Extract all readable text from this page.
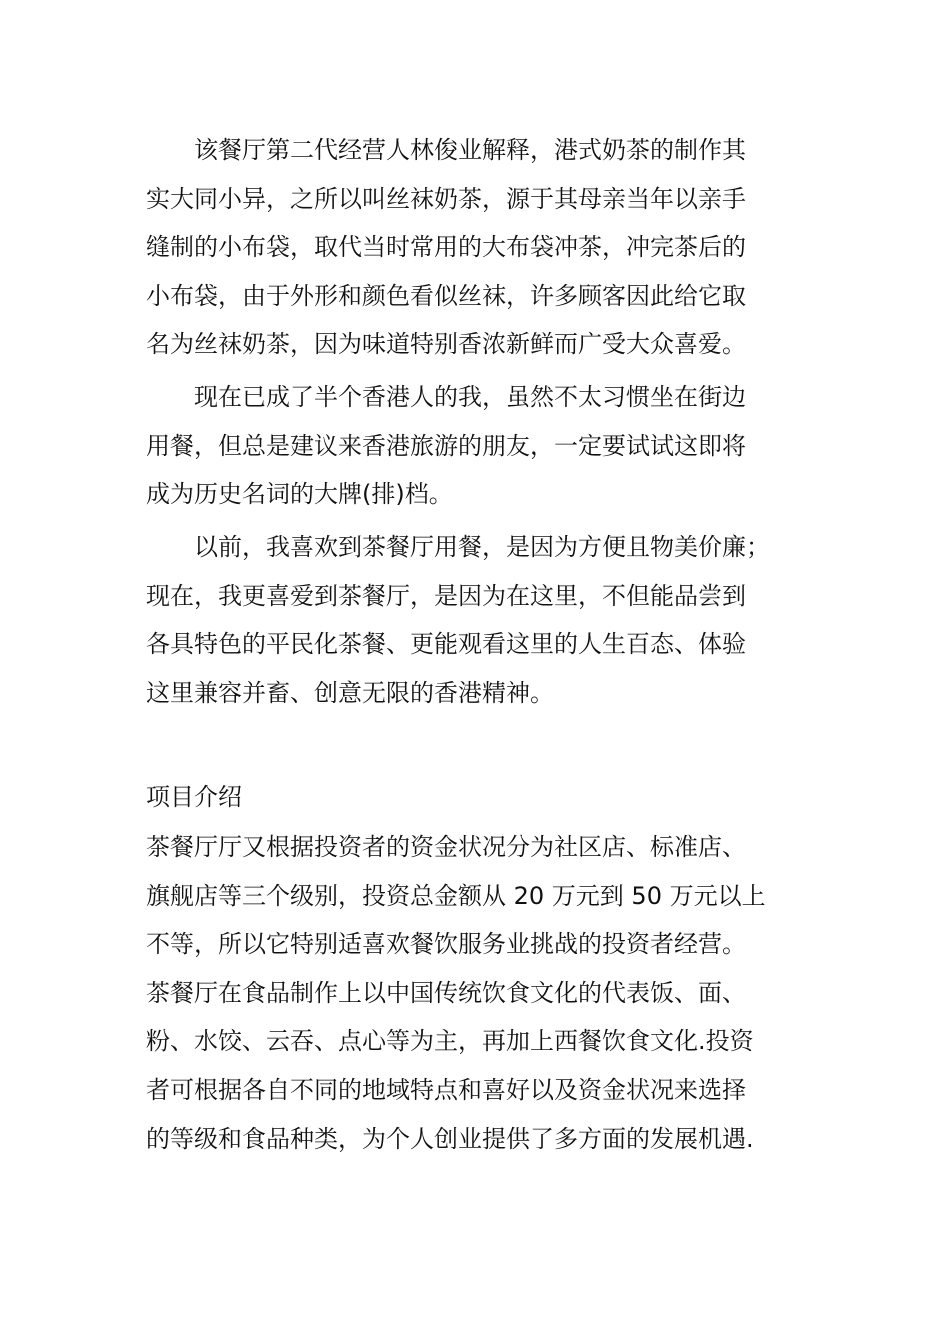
该餐厅第二代经营人林俊业解释，港式奶茶的制作其
实大同小异，之所以叫丝袜奶茶，源于其母亲当年以亲手
缝制的小布袋，取代当时常用的大布袋冲茶，冲完茶后的
小布袋，由于外形和颜色看似丝袜，许多顾客因此给它取
名为丝袜奶茶，因为味道特别香浓新鲜而广受大众喜爱。
现在已成了半个香港人的我，虽然不太习惯坐在街边
用餐，但总是建议来香港旅游的朋友，一定要试试这即将
成为历史名词的大牌(排)档。
以前，我喜欢到茶餐厅用餐，是因为方便且物美价廉；
现在，我更喜爱到茶餐厅，是因为在这里，不但能品尝到
各具特色的平民化茶餐、更能观看这里的人生百态、体验
这里兼容并畜、创意无限的香港精神。
项目介绍
茶餐厅厅又根据投资者的资金状况分为社区店、标准店、
旗舰店等三个级别，投资总金额从 20 万元到 50 万元以上
不等，所以它特别适喜欢餐饮服务业挑战的投资者经营。
茶餐厅在食品制作上以中国传统饮食文化的代表饭、面、
粉、水饺、云吞、点心等为主，再加上西餐饮食文化.投资
者可根据各自不同的地域特点和喜好以及资金状况来选择
的等级和食品种类，为个人创业提供了多方面的发展机遇.
